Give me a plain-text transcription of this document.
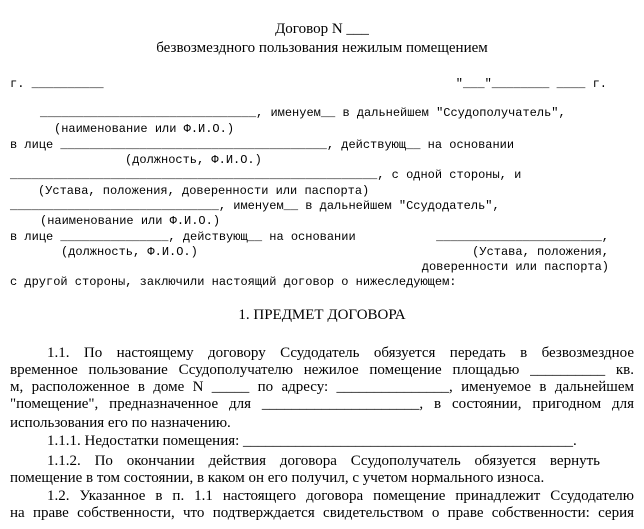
Договор N ___
безвозмездного пользования нежилым помещением
г. __________	"___"________ ____ г.
______________________________, именуем__ в дальнейшем "Ссудополучатель",
(наименование или Ф.И.О.)
в лице _____________________________________, действующ__ на основании
(должность, Ф.И.О.)
___________________________________________________, с одной стороны, и
(Устава, положения, доверенности или паспорта)
_____________________________, именуем__ в дальнейшем "Ссудодатель",
(наименование или Ф.И.О.)
в лице _______________, действующ__ на основании	_______________________,
(должность, Ф.И.О.)	(Устава, положения,
доверенности или паспорта)
с другой стороны, заключили настоящий договор о нижеследующем:
1. ПРЕДМЕТ ДОГОВОРА
1.1. По настоящему договору Ссудодатель обязуется передать в безвозмездное
временное пользование Ссудополучателю нежилое помещение площадью __________ кв.
м, расположенное в доме N _____ по адресу: _______________, именуемое в дальнейшем
"помещение", предназначенное для _____________________, в состоянии, пригодном для
использования его по назначению.
1.1.1. Недостатки помещения: ____________________________________________.
1.1.2. По окончании действия договора Ссудополучатель обязуется вернуть
помещение в том состоянии, в каком он его получил, с учетом нормального износа.
1.2. Указанное в п. 1.1 настоящего договора помещение принадлежит Ссудодателю
на праве собственности, что подтверждается свидетельством о праве собственности: серия
